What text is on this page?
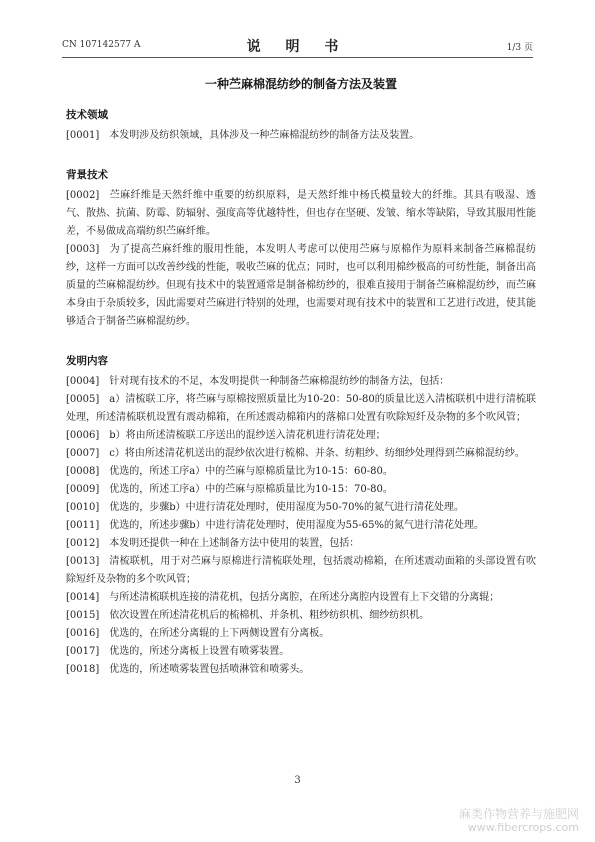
CN 107142577 A	说 明 书	1/3 页
一种苎麻棉混纺纱的制备方法及装置
技术领域

[0001] 本发明涉及纺织领域，具体涉及一种苎麻棉混纺纱的制备方法及装置。

背景技术

[0002] 苎麻纤维是天然纤维中重要的纺织原料，是天然纤维中杨氏模量较大的纤维。其具有吸湿、透气、散热、抗菌、防霉、防辐射、强度高等优越特性，但也存在坚硬、发皱、缩水等缺陷，导致其服用性能差，不易做成高端纺织苎麻纤维。

[0003] 为了提高苎麻纤维的服用性能，本发明人考虑可以使用苎麻与原棉作为原料来制备苎麻棉混纺纱，这样一方面可以改善纱线的性能，吸收苎麻的优点；同时，也可以利用棉纱极高的可纺性能，制备出高质量的苎麻棉混纺纱。但现有技术中的装置通常是制备棉纺纱的，很难直接用于制备苎麻棉混纺纱，而苎麻本身由于杂质较多，因此需要对苎麻进行特别的处理，也需要对现有技术中的装置和工艺进行改进，使其能够适合于制备苎麻棉混纺纱。

发明内容

[0004] 针对现有技术的不足，本发明提供一种制备苎麻棉混纺纱的制备方法，包括：

[0005] a）清梳联工序，将苎麻与原棉按照质量比为10-20：50-80的质量比送入清梳联机中进行清梳联处理，所述清梳联机设置有震动棉箱，在所述震动棉箱内的落棉口处置有吹除短纤及杂物的多个吹风管；

[0006] b）将由所述清梳联工序送出的混纱送入清花机进行清花处理；

[0007] c）将由所述清花机送出的混纱依次进行梳棉、并条、纺粗纱、纺细纱处理得到苎麻棉混纺纱。

[0008] 优选的，所述工序a）中的苎麻与原棉质量比为10-15：60-80。

[0009] 优选的，所述工序a）中的苎麻与原棉质量比为10-15：70-80。

[0010] 优选的，步骤b）中进行清花处理时，使用湿度为50-70%的氮气进行清花处理。

[0011] 优选的，所述步骤b）中进行清花处理时，使用湿度为55-65%的氮气进行清花处理。

[0012] 本发明还提供一种在上述制备方法中使用的装置，包括：

[0013] 清梳联机，用于对苎麻与原棉进行清梳联处理，包括震动棉箱，在所述震动面箱的头部设置有吹除短纤及杂物的多个吹风管；

[0014] 与所述清梳联机连接的清花机，包括分离腔，在所述分离腔内设置有上下交错的分离辊；

[0015] 依次设置在所述清花机后的梳棉机、并条机、粗纱纺织机、细纱纺织机。

[0016] 优选的，在所述分离辊的上下两侧设置有分离板。

[0017] 优选的，所述分离板上设置有喷雾装置。

[0018] 优选的，所述喷雾装置包括喷淋管和喷雾头。

3
麻类作物营养与施肥网
www.fibercrops.com
